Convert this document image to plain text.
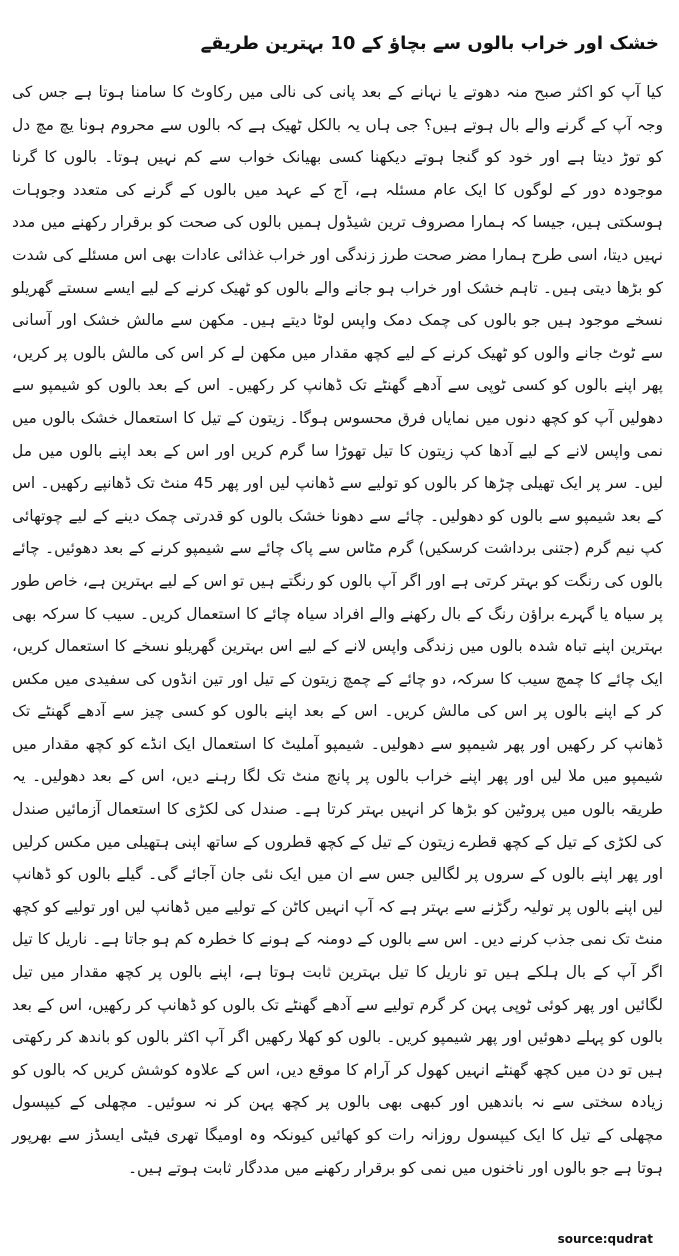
خشک اور خراب بالوں سے بچاؤ کے 10 بہترین طریقے

کیا آپ کو اکثر صبح منہ دھوتے یا نہانے کے بعد پانی کی نالی میں رکاوٹ کا سامنا ہوتا ہے جس کی وجہ آپ کے گرنے والے بال ہوتے ہیں؟ جی ہاں یہ بالکل ٹھیک ہے کہ بالوں سے محروم ہونا یچ مچ دل کو توڑ دیتا ہے اور خود کو گنجا ہوتے دیکھنا کسی بھیانک خواب سے کم نہیں ہوتا۔ بالوں کا گرنا موجودہ دور کے لوگوں کا ایک عام مسئلہ ہے، آج کے عہد میں بالوں کے گرنے کی متعدد وجوہات ہوسکتی ہیں، جیسا کہ ہمارا مصروف ترین شیڈول ہمیں بالوں کی صحت کو برقرار رکھنے میں مدد نہیں دیتا، اسی طرح ہمارا مضر صحت طرز زندگی اور خراب غذائی عادات بھی اس مسئلے کی شدت کو بڑھا دیتی ہیں۔ تاہم خشک اور خراب ہو جانے والے بالوں کو ٹھیک کرنے کے لیے ایسے سستے گھریلو نسخے موجود ہیں جو بالوں کی چمک دمک واپس لوٹا دیتے ہیں۔ مکھن سے مالش خشک اور آسانی سے ٹوٹ جانے والوں کو ٹھیک کرنے کے لیے کچھ مقدار میں مکھن لے کر اس کی مالش بالوں پر کریں، پھر اپنے بالوں کو کسی ٹوپی سے آدھے گھنٹے تک ڈھانپ کر رکھیں۔ اس کے بعد بالوں کو شیمپو سے دھولیں آپ کو کچھ دنوں میں نمایاں فرق محسوس ہوگا۔ زیتون کے تیل کا استعمال خشک بالوں میں نمی واپس لانے کے لیے آدھا کپ زیتون کا تیل تھوڑا سا گرم کریں اور اس کے بعد اپنے بالوں میں مل لیں۔ سر پر ایک تھیلی چڑھا کر بالوں کو تولیے سے ڈھانپ لیں اور پھر 45 منٹ تک ڈھانپے رکھیں۔ اس کے بعد شیمپو سے بالوں کو دھولیں۔ چائے سے دھونا خشک بالوں کو قدرتی چمک دینے کے لیے چوتھائی کپ نیم گرم (جتنی برداشت کرسکیں) گرم مٹاس سے پاک چائے سے شیمپو کرنے کے بعد دھوئیں۔ چائے بالوں کی رنگت کو بہتر کرتی ہے اور اگر آپ بالوں کو رنگتے ہیں تو اس کے لیے بہترین ہے، خاص طور پر سیاہ یا گہرے براؤن رنگ کے بال رکھنے والے افراد سیاہ چائے کا استعمال کریں۔ سیب کا سرکہ بھی بہترین اپنے تباہ شدہ بالوں میں زندگی واپس لانے کے لیے اس بہترین گھریلو نسخے کا استعمال کریں، ایک چائے کا چمچ سیب کا سرکہ، دو چائے کے چمچ زیتون کے تیل اور تین انڈوں کی سفیدی میں مکس کر کے اپنے بالوں پر اس کی مالش کریں۔ اس کے بعد اپنے بالوں کو کسی چیز سے آدھے گھنٹے تک ڈھانپ کر رکھیں اور پھر شیمپو سے دھولیں۔ شیمپو آملیٹ کا استعمال ایک انڈے کو کچھ مقدار میں شیمپو میں ملا لیں اور پھر اپنے خراب بالوں پر پانچ منٹ تک لگا رہنے دیں، اس کے بعد دھولیں۔ یہ طریقہ بالوں میں پروٹین کو بڑھا کر انہیں بہتر کرتا ہے۔ صندل کی لکڑی کا استعمال آزمائیں صندل کی لکڑی کے تیل کے کچھ قطرے زیتون کے تیل کے کچھ قطروں کے ساتھ اپنی ہتھیلی میں مکس کرلیں اور پھر اپنے بالوں کے سروں پر لگالیں جس سے ان میں ایک نئی جان آجائے گی۔ گیلے بالوں کو ڈھانپ لیں اپنے بالوں پر تولیہ رگڑنے سے بہتر ہے کہ آپ انہیں کاٹن کے تولیے میں ڈھانپ لیں اور تولیے کو کچھ منٹ تک نمی جذب کرنے دیں۔ اس سے بالوں کے دومنہ کے ہونے کا خطرہ کم ہو جاتا ہے۔ ناریل کا تیل اگر آپ کے بال ہلکے ہیں تو ناریل کا تیل بہترین ثابت ہوتا ہے، اپنے بالوں پر کچھ مقدار میں تیل لگائیں اور پھر کوئی ٹوپی پہن کر گرم تولیے سے آدھے گھنٹے تک بالوں کو ڈھانپ کر رکھیں، اس کے بعد بالوں کو پہلے دھوئیں اور پھر شیمپو کریں۔ بالوں کو کھلا رکھیں اگر آپ اکثر بالوں کو باندھ کر رکھتی ہیں تو دن میں کچھ گھنٹے انہیں کھول کر آرام کا موقع دیں، اس کے علاوہ کوشش کریں کہ بالوں کو زیادہ سختی سے نہ باندھیں اور کبھی بھی بالوں پر کچھ پہن کر نہ سوئیں۔ مچھلی کے کیپسول مچھلی کے تیل کا ایک کیپسول روزانہ رات کو کھائیں کیونکہ وہ اومیگا تھری فیٹی ایسڈز سے بھرپور ہوتا ہے جو بالوں اور ناخنوں میں نمی کو برقرار رکھنے میں مددگار ثابت ہوتے ہیں۔

source:qudrat
